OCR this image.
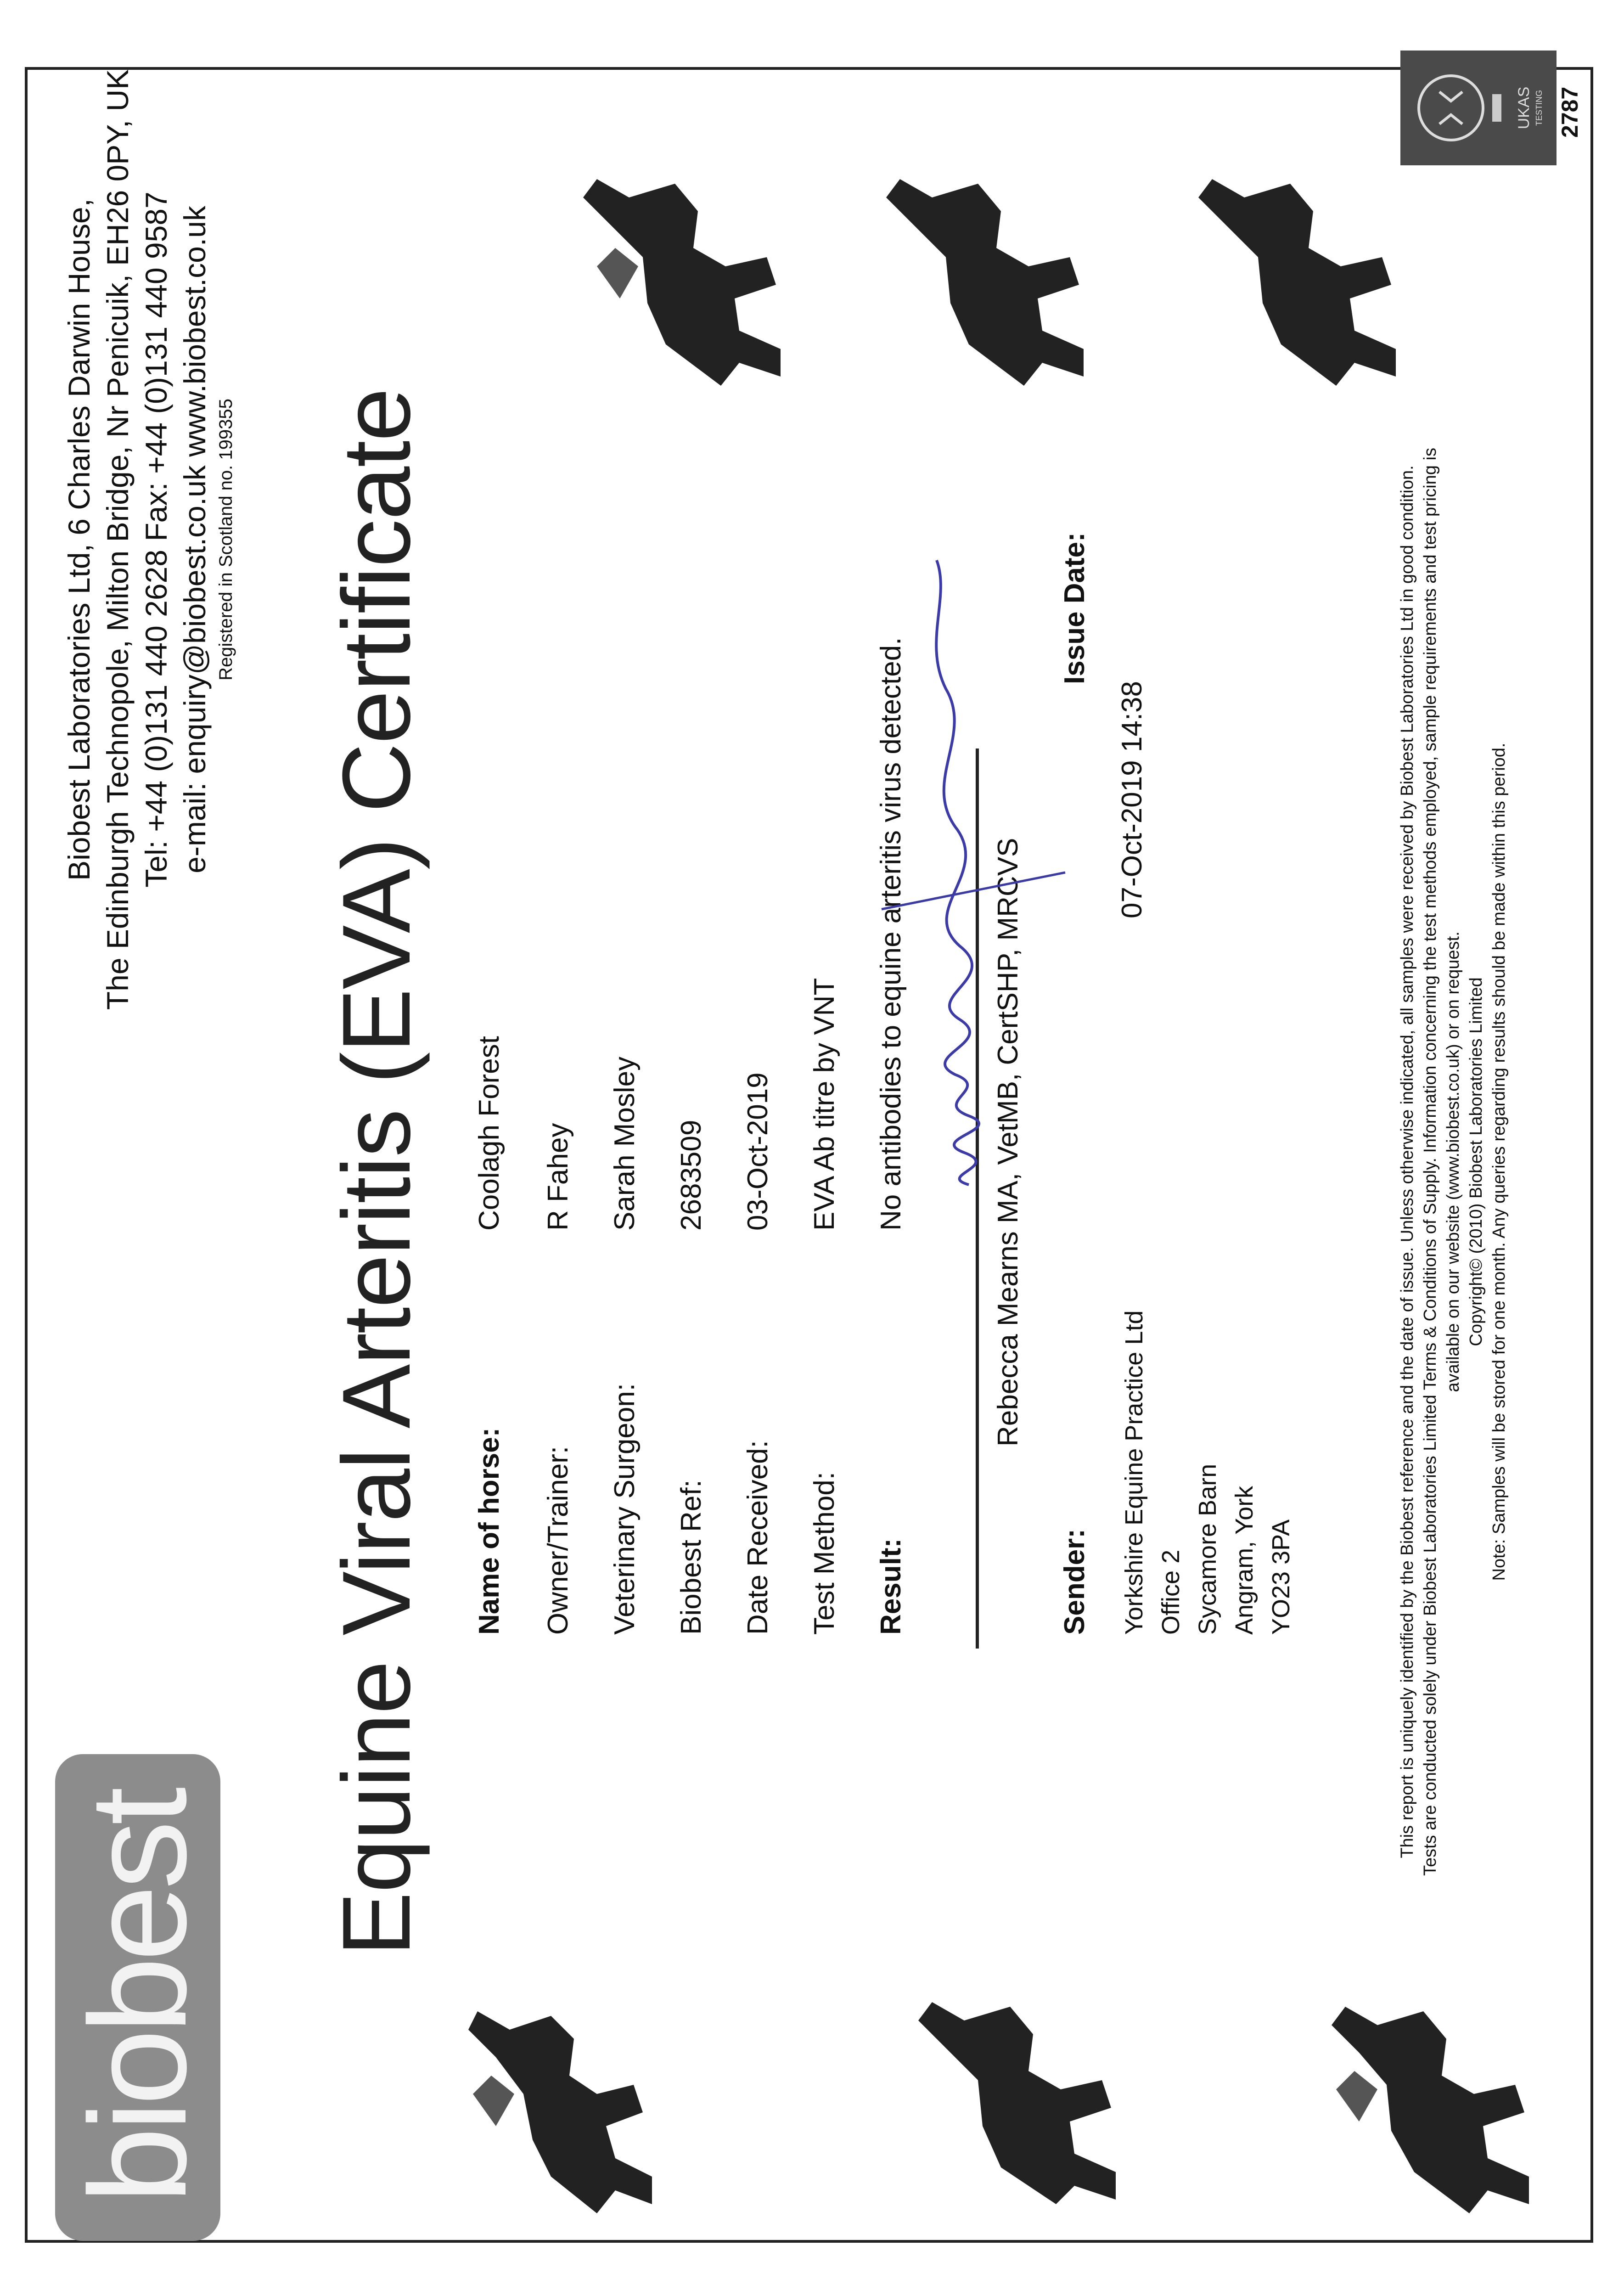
biobest
Equine Viral Arteritis (EVA) Certificate
Biobest Laboratories Ltd, 6 Charles Darwin House, The Edinburgh Technopole, Milton Bridge, Nr Penicuik, EH26 0PY, UK Tel: +44 (0)131 440 2628 Fax: +44 (0)131 440 9587 e-mail: enquiry@biobest.co.uk www.biobest.co.uk Registered in Scotland no. 199355
Name of horse:
Coolagh Forest
Owner/Trainer:
R Fahey
Veterinary Surgeon:
Sarah Mosley
Biobest Ref:
2683509
Date Received:
03-Oct-2019
Test Method:
EVA Ab titre by VNT
Result:
No antibodies to equine arteritis virus detected.	Rebecca Mearns MA, VetMB, CertSHP, MRCVS
Sender: Yorkshire Equine Practice Ltd Office 2 Sycamore Barn Angram, York YO23 3PA
Issue Date:
07-Oct-2019 14:38	This report is uniquely identified by the Biobest reference and the date of issue. Unless otherwise indicated, all samples were received by Biobest Laboratories Ltd in good condition. Tests are conducted solely under Biobest Laboratories Limited Terms & Conditions of Supply. Information concerning the test methods employed, sample requirements and test pricing is available on our website (www.biobest.co.uk) or on request. Copyright© (2010) Biobest Laboratories Limited Note: Samples will be stored for one month. Any queries regarding results should be made within this period.
UKAS TESTING 2787
